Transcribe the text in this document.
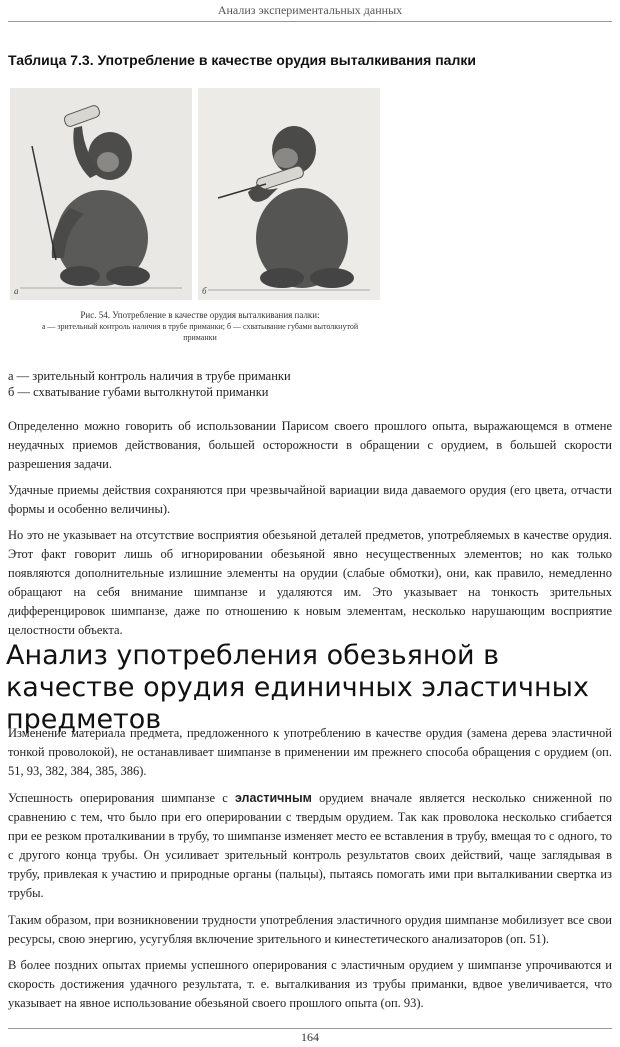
Анализ экспериментальных данных
Таблица 7.3. Употребление в качестве орудия выталкивания палки
а	б
Рис. 54. Употребление в качестве орудия выталкивания палки:
а — зрительный контроль наличия в трубе приманки; б — схватывание губами вытолкнутой приманки
а — зрительный контроль наличия в трубе приманки
б — схватывание губами вытолкнутой приманки

Определенно можно говорить об использовании Парисом своего прошлого опыта, выражающемся в отмене неудачных приемов действования, большей осторожности в обращении с орудием, в большей скорости разрешения задачи.

Удачные приемы действия сохраняются при чрезвычайной вариации вида даваемого орудия (его цвета, отчасти формы и особенно величины).

Но это не указывает на отсутствие восприятия обезьяной деталей предметов, употребляемых в качестве орудия. Этот факт говорит лишь об игнорировании обезьяной явно несущественных элементов; но как только появляются дополнительные излишние элементы на орудии (слабые обмотки), они, как правило, немедленно обращают на себя внимание шимпанзе и удаляются им. Это указывает на тонкость зрительных дифференцировок шимпанзе, даже по отношению к новым элементам, несколько нарушающим восприятие целостности объекта.

Анализ употребления обезьяной в качестве орудия единичных эластичных предметов

Изменение материала предмета, предложенного к употреблению в качестве орудия (замена дерева эластичной тонкой проволокой), не останавливает шимпанзе в применении им прежнего способа обращения с орудием (оп. 51, 93, 382, 384, 385, 386).

Успешность оперирования шимпанзе с эластичным орудием вначале является несколько сниженной по сравнению с тем, что было при его оперировании с твердым орудием. Так как проволока несколько сгибается при ее резком проталкивании в трубу, то шимпанзе изменяет место ее вставления в трубу, вмещая то с одного, то с другого конца трубы. Он усиливает зрительный контроль результатов своих действий, чаще заглядывая в трубу, привлекая к участию и природные органы (пальцы), пытаясь помогать ими при выталкивании свертка из трубы.

Таким образом, при возникновении трудности употребления эластичного орудия шимпанзе мобилизует все свои ресурсы, свою энергию, усугубляя включение зрительного и кинестетического анализаторов (оп. 51).

В более поздних опытах приемы успешного оперирования с эластичным орудием у шимпанзе упрочиваются и скорость достижения удачного результата, т. е. выталкивания из трубы приманки, вдвое увеличивается, что указывает на явное использование обезьяной своего прошлого опыта (оп. 93).

164
